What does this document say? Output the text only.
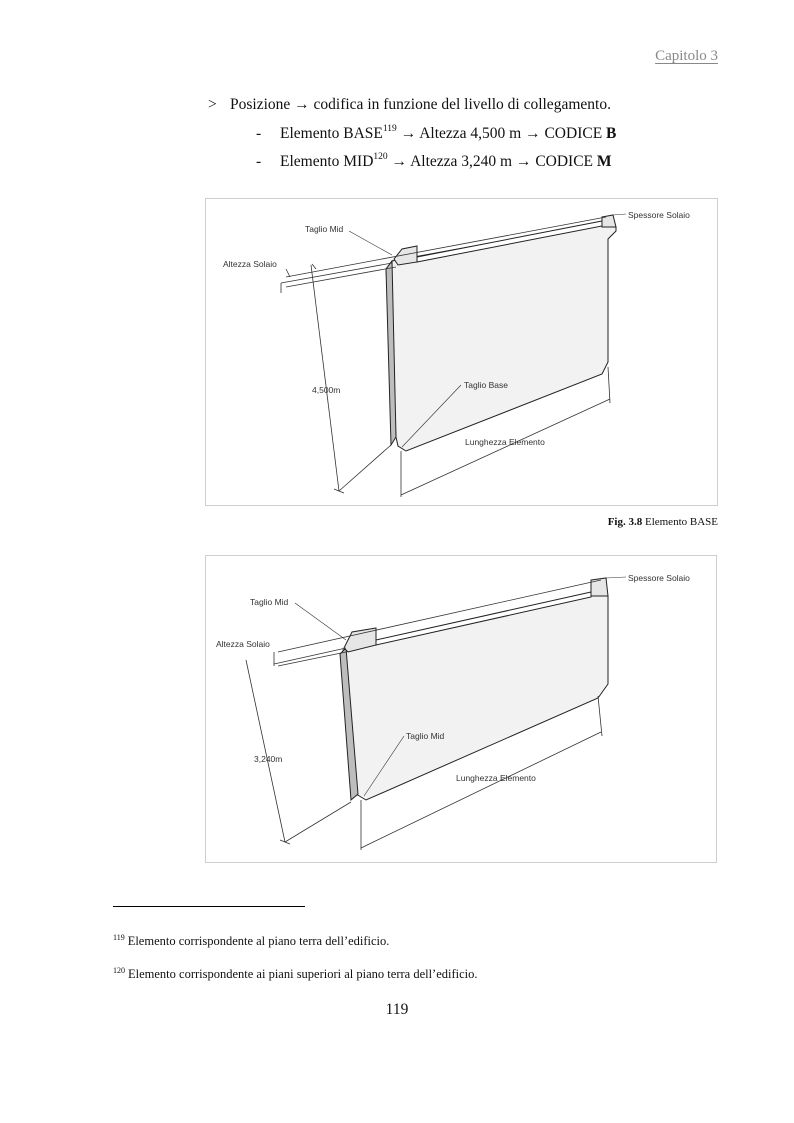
Capitolo 3
> Posizione → codifica in funzione del livello di collegamento.
- Elemento $BASE^{119}$ → Altezza 4,500 m → CODICE B
- Elemento $MID^{120}$ → Altezza 3,240 m → CODICE M
Taglio Mid
Spessore Solaio
Altezza Solaio
4,500m	Taglio Base
Lunghezza Elemento
Fig. 3.8 Elemento BASE
Taglio Mid
Spessore Solaio
Altezza Solaio
3,240m
Taglio Mid
Lunghezza Elemento
$^{119}$ Elemento corrispondente al piano terra dell’edificio.
$^{120}$ Elemento corrispondente ai piani superiori al piano terra dell’edificio.
119
